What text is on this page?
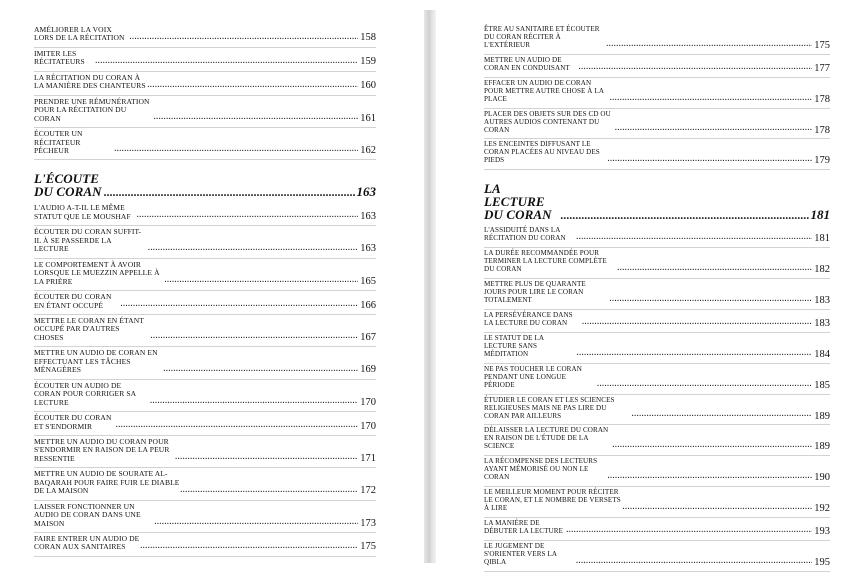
AMÉLIORER LA VOIX LORS DE LA RÉCITATION .....	158
IMITER LES RÉCITATEURS .....	159
LA RÉCITATION DU CORAN À LA MANIÈRE DES CHANTEURS .....	160
PRENDRE UNE RÉMUNÉRATION POUR LA RÉCITATION DU CORAN .....	161
ÉCOUTER UN RÉCITATEUR PÉCHEUR .....	162
L'ÉCOUTE DU CORAN .....	163
L'AUDIO A-T-IL LE MÊME STATUT QUE LE MOUSHAF .....	163
ÉCOUTER DU CORAN SUFFIT-IL À SE PASSERDE LA LECTURE .....	163
LE COMPORTEMENT À AVOIR LORSQUE LE MUEZZIN APPELLE À LA PRIÈRE .....	165
ÉCOUTER DU CORAN EN ÉTANT OCCUPÉ .....	166
METTRE LE CORAN EN ÉTANT OCCUPÉ PAR D'AUTRES CHOSES .....	167
METTRE UN AUDIO DE CORAN EN EFFECTUANT LES TÂCHES MÉNAGÈRES .....	169
ÉCOUTER UN AUDIO DE CORAN POUR CORRIGER SA LECTURE .....	170
ÉCOUTER DU CORAN ET S'ENDORMIR .....	170
METTRE UN AUDIO DU CORAN POUR S'ENDORMIR EN RAISON DE LA PEUR RESSENTIE .....	171
METTRE UN AUDIO DE SOURATE AL-BAQARAH POUR FAIRE FUIR LE DIABLE DE LA MAISON .....	172
LAISSER FONCTIONNER UN AUDIO DE CORAN DANS UNE MAISON .....	173
FAIRE ENTRER UN AUDIO DE CORAN AUX SANITAIRES .....	175
ÊTRE AU SANITAIRE ET ÉCOUTER DU CORAN RÉCITER À L'EXTÉRIEUR .....	175
METTRE UN AUDIO DE CORAN EN CONDUISANT .....	177
EFFACER UN AUDIO DE CORAN POUR METTRE AUTRE CHOSE À LA PLACE .....	178
PLACER DES OBJETS SUR DES CD OU AUTRES AUDIOS CONTENANT DU CORAN .....	178
LES ENCEINTES DIFFUSANT LE CORAN PLACÉES AU NIVEAU DES PIEDS .....	179
LA LECTURE DU CORAN .....	181
L'ASSIDUITÉ DANS LA RÉCITATION DU CORAN .....	181
LA DURÉE RECOMMANDÉE POUR TERMINER LA LECTURE COMPLÈTE DU CORAN .....	182
METTRE PLUS DE QUARANTE JOURS POUR LIRE LE CORAN TOTALEMENT .....	183
LA PERSÉVÉRANCE DANS LA LECTURE DU CORAN .....	183
LE STATUT DE LA LECTURE SANS MÉDITATION .....	184
NE PAS TOUCHER LE CORAN PENDANT UNE LONGUE PÉRIODE .....	185
ÉTUDIER LE CORAN ET LES SCIENCES RELIGIEUSES MAIS NE PAS LIRE DU CORAN PAR AILLEURS .....	189
DÉLAISSER LA LECTURE DU CORAN EN RAISON DE L'ÉTUDE DE LA SCIENCE .....	189
LA RÉCOMPENSE DES LECTEURS AYANT MÉMORISÉ OU NON LE CORAN .....	190
LE MEILLEUR MOMENT POUR RÉCITER LE CORAN, ET LE NOMBRE DE VERSETS À LIRE .....	192
LA MANIÈRE DE DÉBUTER LA LECTURE .....	193
LE JUGEMENT DE S'ORIENTER VERS LA QIBLA .....	195
